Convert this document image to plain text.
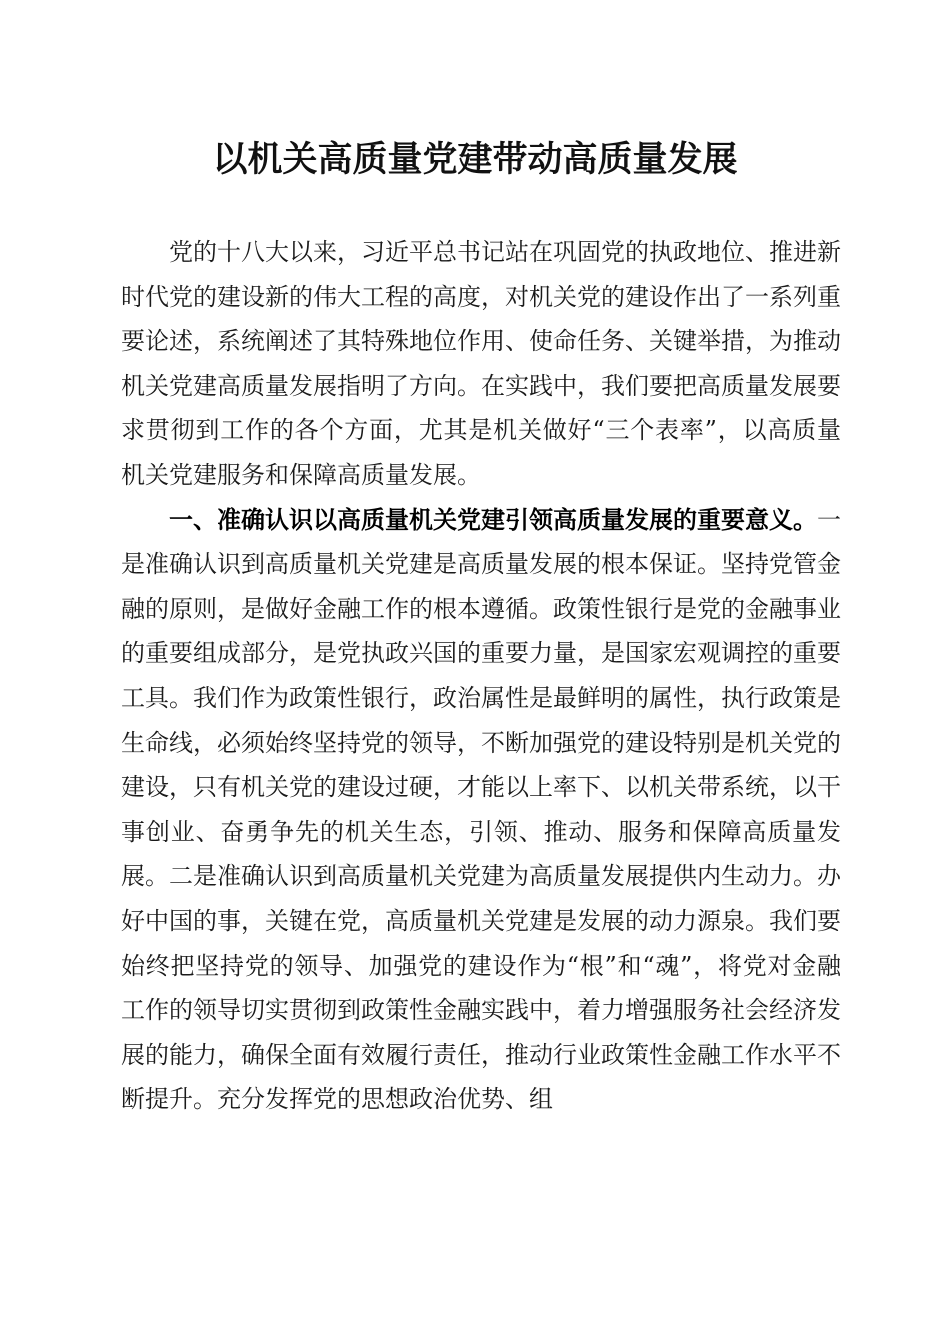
以机关高质量党建带动高质量发展

党的十八大以来，习近平总书记站在巩固党的执政地位、推进新时代党的建设新的伟大工程的高度，对机关党的建设作出了一系列重要论述，系统阐述了其特殊地位作用、使命任务、关键举措，为推动机关党建高质量发展指明了方向。在实践中，我们要把高质量发展要求贯彻到工作的各个方面，尤其是机关做好“三个表率”，以高质量机关党建服务和保障高质量发展。

一、准确认识以高质量机关党建引领高质量发展的重要意义。一是准确认识到高质量机关党建是高质量发展的根本保证。坚持党管金融的原则，是做好金融工作的根本遵循。政策性银行是党的金融事业的重要组成部分，是党执政兴国的重要力量，是国家宏观调控的重要工具。我们作为政策性银行，政治属性是最鲜明的属性，执行政策是生命线，必须始终坚持党的领导，不断加强党的建设特别是机关党的建设，只有机关党的建设过硬，才能以上率下、以机关带系统，以干事创业、奋勇争先的机关生态，引领、推动、服务和保障高质量发展。二是准确认识到高质量机关党建为高质量发展提供内生动力。办好中国的事，关键在党，高质量机关党建是发展的动力源泉。我们要始终把坚持党的领导、加强党的建设作为“根”和“魂”，将党对金融工作的领导切实贯彻到政策性金融实践中，着力增强服务社会经济发展的能力，确保全面有效履行责任，推动行业政策性金融工作水平不断提升。充分发挥党的思想政治优势、组
